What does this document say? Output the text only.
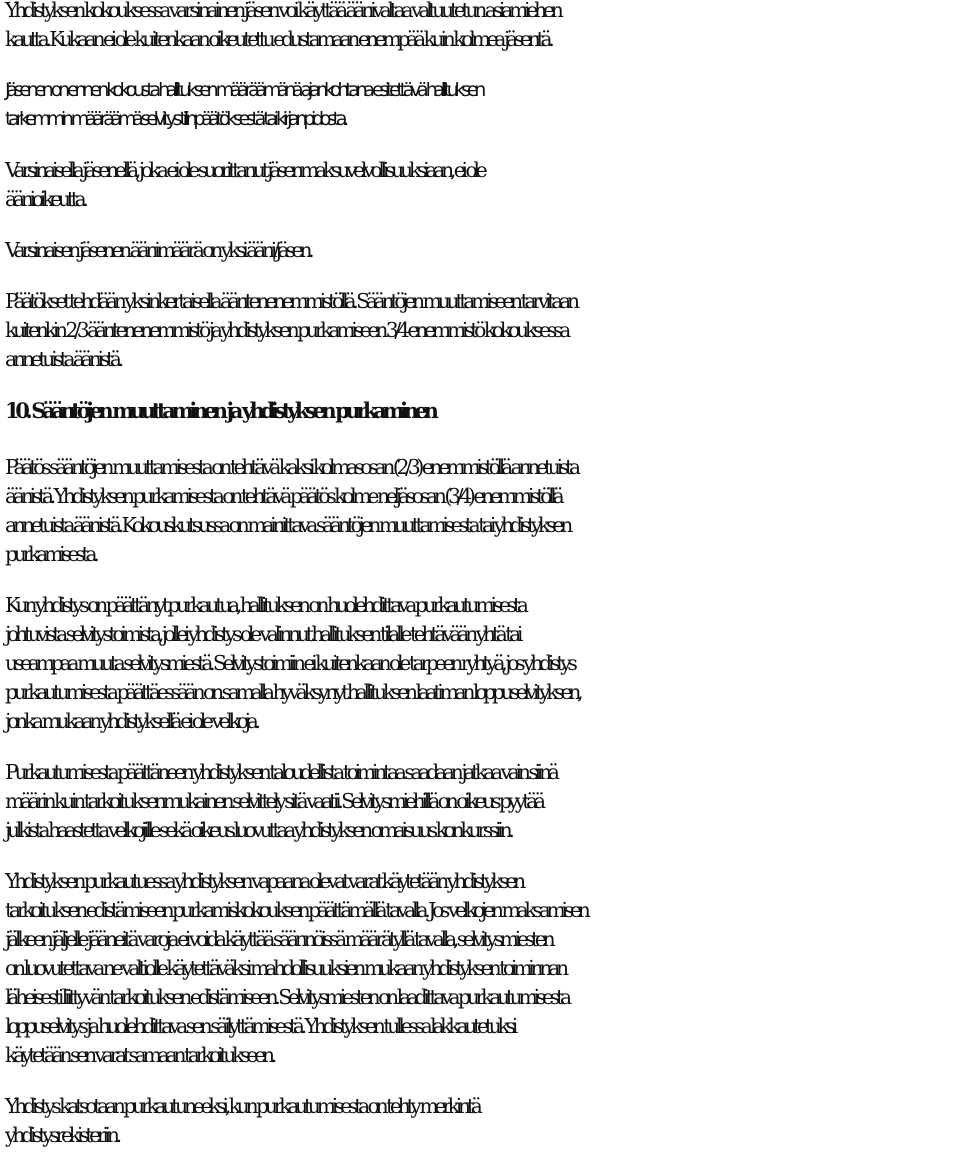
Yhdistyksen kokouksessa varsinainen jäsen voi käyttää äänivaltaa valtuutetun asiamiehen
kautta. Kukaan ei ole kuitenkaan oikeutettu edustamaan enempää kuin kolmea jäsentä.

Jäsenen on ennen kokousta hallituksen määräämänä ajankohtana esitettävä hallituksen
tarkemmin määräämä selvitys tilinpäätöksestä tai kirjanpidosta.

Varsinaisella jäsenellä, joka ei ole suorittanut jäsenmaksuvelvollisuuksiaan, ei ole
äänioikeutta.

Varsinaisen jäsenen äänimäärä on yksi ääni/jäsen.

Päätökset tehdään yksinkertaisella ääntenenemmistöllä. Sääntöjen muuttamiseen tarvitaan
kuitenkin 2/3 ääntenenemmistö ja yhdistyksen purkamiseen 3/4 enemmistö kokouksessa
annetuista äänistä.

10. Sääntöjen muuttaminen ja yhdistyksen purkaminen

Päätös sääntöjen muuttamisesta on tehtävä kaksi kolmasosan (2/3) enemmistöllä annetuista
äänistä. Yhdistyksen purkamisesta on tehtävä päätös kolme neljäsosan (3/4) enemmistöllä
annetuista äänistä. Kokouskutsussa on mainittava sääntöjen muuttamisesta tai yhdistyksen
purkamisesta.

Kun yhdistys on päättänyt purkautua, hallituksen on huolehdittava purkautumisesta
johtuvista selvitystoimista, jollei yhdistys ole valinnut hallituksen tilalle tehtävään yhtä tai
useampaa muuta selvitysmiestä. Selvitystoimiin ei kuitenkaan ole tarpeen ryhtyä, jos yhdistys
purkautumisesta päättäessään on samalla hyväksynyt hallituksen laatiman loppuselvityksen,
jonka mukaan yhdistyksellä ei ole velkoja.

Purkautumisesta päättäneen yhdistyksen taloudellista toimintaa saadaan jatkaa vain siinä
määrin kuin tarkoituksenmukainen selvittely sitä vaatii. Selvitysmiehillä on oikeus pyytää
julkista haastetta velkojille sekä oikeus luovuttaa yhdistyksen omaisuus konkurssiin.

Yhdistyksen purkautuessa yhdistyksen vapaana olevat varat käytetään yhdistyksen
tarkoituksen edistämiseen purkamiskokouksen päättämällä tavalla. Jos velkojen maksamisen
jälkeen jäljelle jääneitä varoja ei voida käyttää säännöissä määrätyllä tavalla, selvitysmiesten
on luovutettava ne valtiolle käytettäväksi mahdollisuuksien mukaan yhdistyksen toiminnan
läheisesti liittyvän tarkoituksen edistämiseen. Selvitysmiesten on laadittava purkautumisesta
loppuselvitys ja huolehdittava sen säilyttämisestä. Yhdistyksen tullessa lakkautetuksi
käytetään sen varat samaan tarkoitukseen.

Yhdistys katsotaan purkautuneeksi, kun purkautumisesta on tehty merkintä
yhdistysrekisteriin.
